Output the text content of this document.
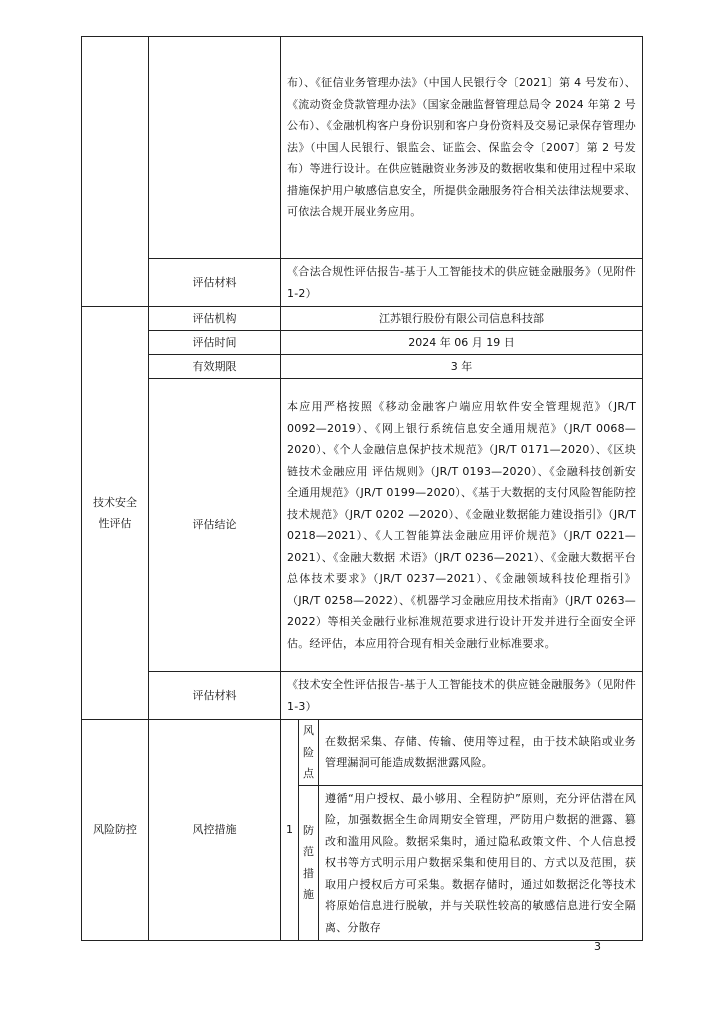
		布）、《征信业务管理办法》（中国人民银行令〔2021〕第 4 号发布）、《流动资金贷款管理办法》（国家金融监督管理总局令 2024 年第 2 号公布）、《金融机构客户身份识别和客户身份资料及交易记录保存管理办法》（中国人民银行、银监会、证监会、保监会令〔2007〕第 2 号发布）等进行设计。在供应链融资业务涉及的数据收集和使用过程中采取措施保护用户敏感信息安全，所提供金融服务符合相关法律法规要求、可依法合规开展业务应用。		
	评估材料	《合法合规性评估报告-基于人工智能技术的供应链金融服务》（见附件 1-2）		
技术安全性评估	评估机构	江苏银行股份有限公司信息科技部		
	评估时间	2024 年 06 月 19 日		
	有效期限	3 年		
	评估结论	本应用严格按照《移动金融客户端应用软件安全管理规范》（JR/T 0092—2019）、《网上银行系统信息安全通用规范》（JR/T 0068—2020）、《个人金融信息保护技术规范》（JR/T 0171—2020）、《区块链技术金融应用 评估规则》（JR/T 0193—2020）、《金融科技创新安全通用规范》（JR/T 0199—2020）、《基于大数据的支付风险智能防控技术规范》（JR/T 0202 —2020）、《金融业数据能力建设指引》（JR/T 0218—2021）、《人工智能算法金融应用评价规范》（JR/T 0221—2021）、《金融大数据 术语》（JR/T 0236—2021）、《金融大数据平台总体技术要求》（JR/T 0237—2021）、《金融领域科技伦理指引》（JR/T 0258—2022）、《机器学习金融应用技术指南》（JR/T 0263—2022）等相关金融行业标准规范要求进行设计开发并进行全面安全评估。经评估，本应用符合现有相关金融行业标准要求。		
	评估材料	《技术安全性评估报告-基于人工智能技术的供应链金融服务》（见附件 1-3）		
风险防控	风控措施	1	风险点	在数据采集、存储、传输、使用等过程，由于技术缺陷或业务管理漏洞可能造成数据泄露风险。
			防范措施	遵循“用户授权、最小够用、全程防护”原则，充分评估潜在风险，加强数据全生命周期安全管理，严防用户数据的泄露、篡改和滥用风险。数据采集时，通过隐私政策文件、个人信息授权书等方式明示用户数据采集和使用目的、方式以及范围，获取用户授权后方可采集。数据存储时，通过如数据泛化等技术将原始信息进行脱敏，并与关联性较高的敏感信息进行安全隔离、分散存
3
